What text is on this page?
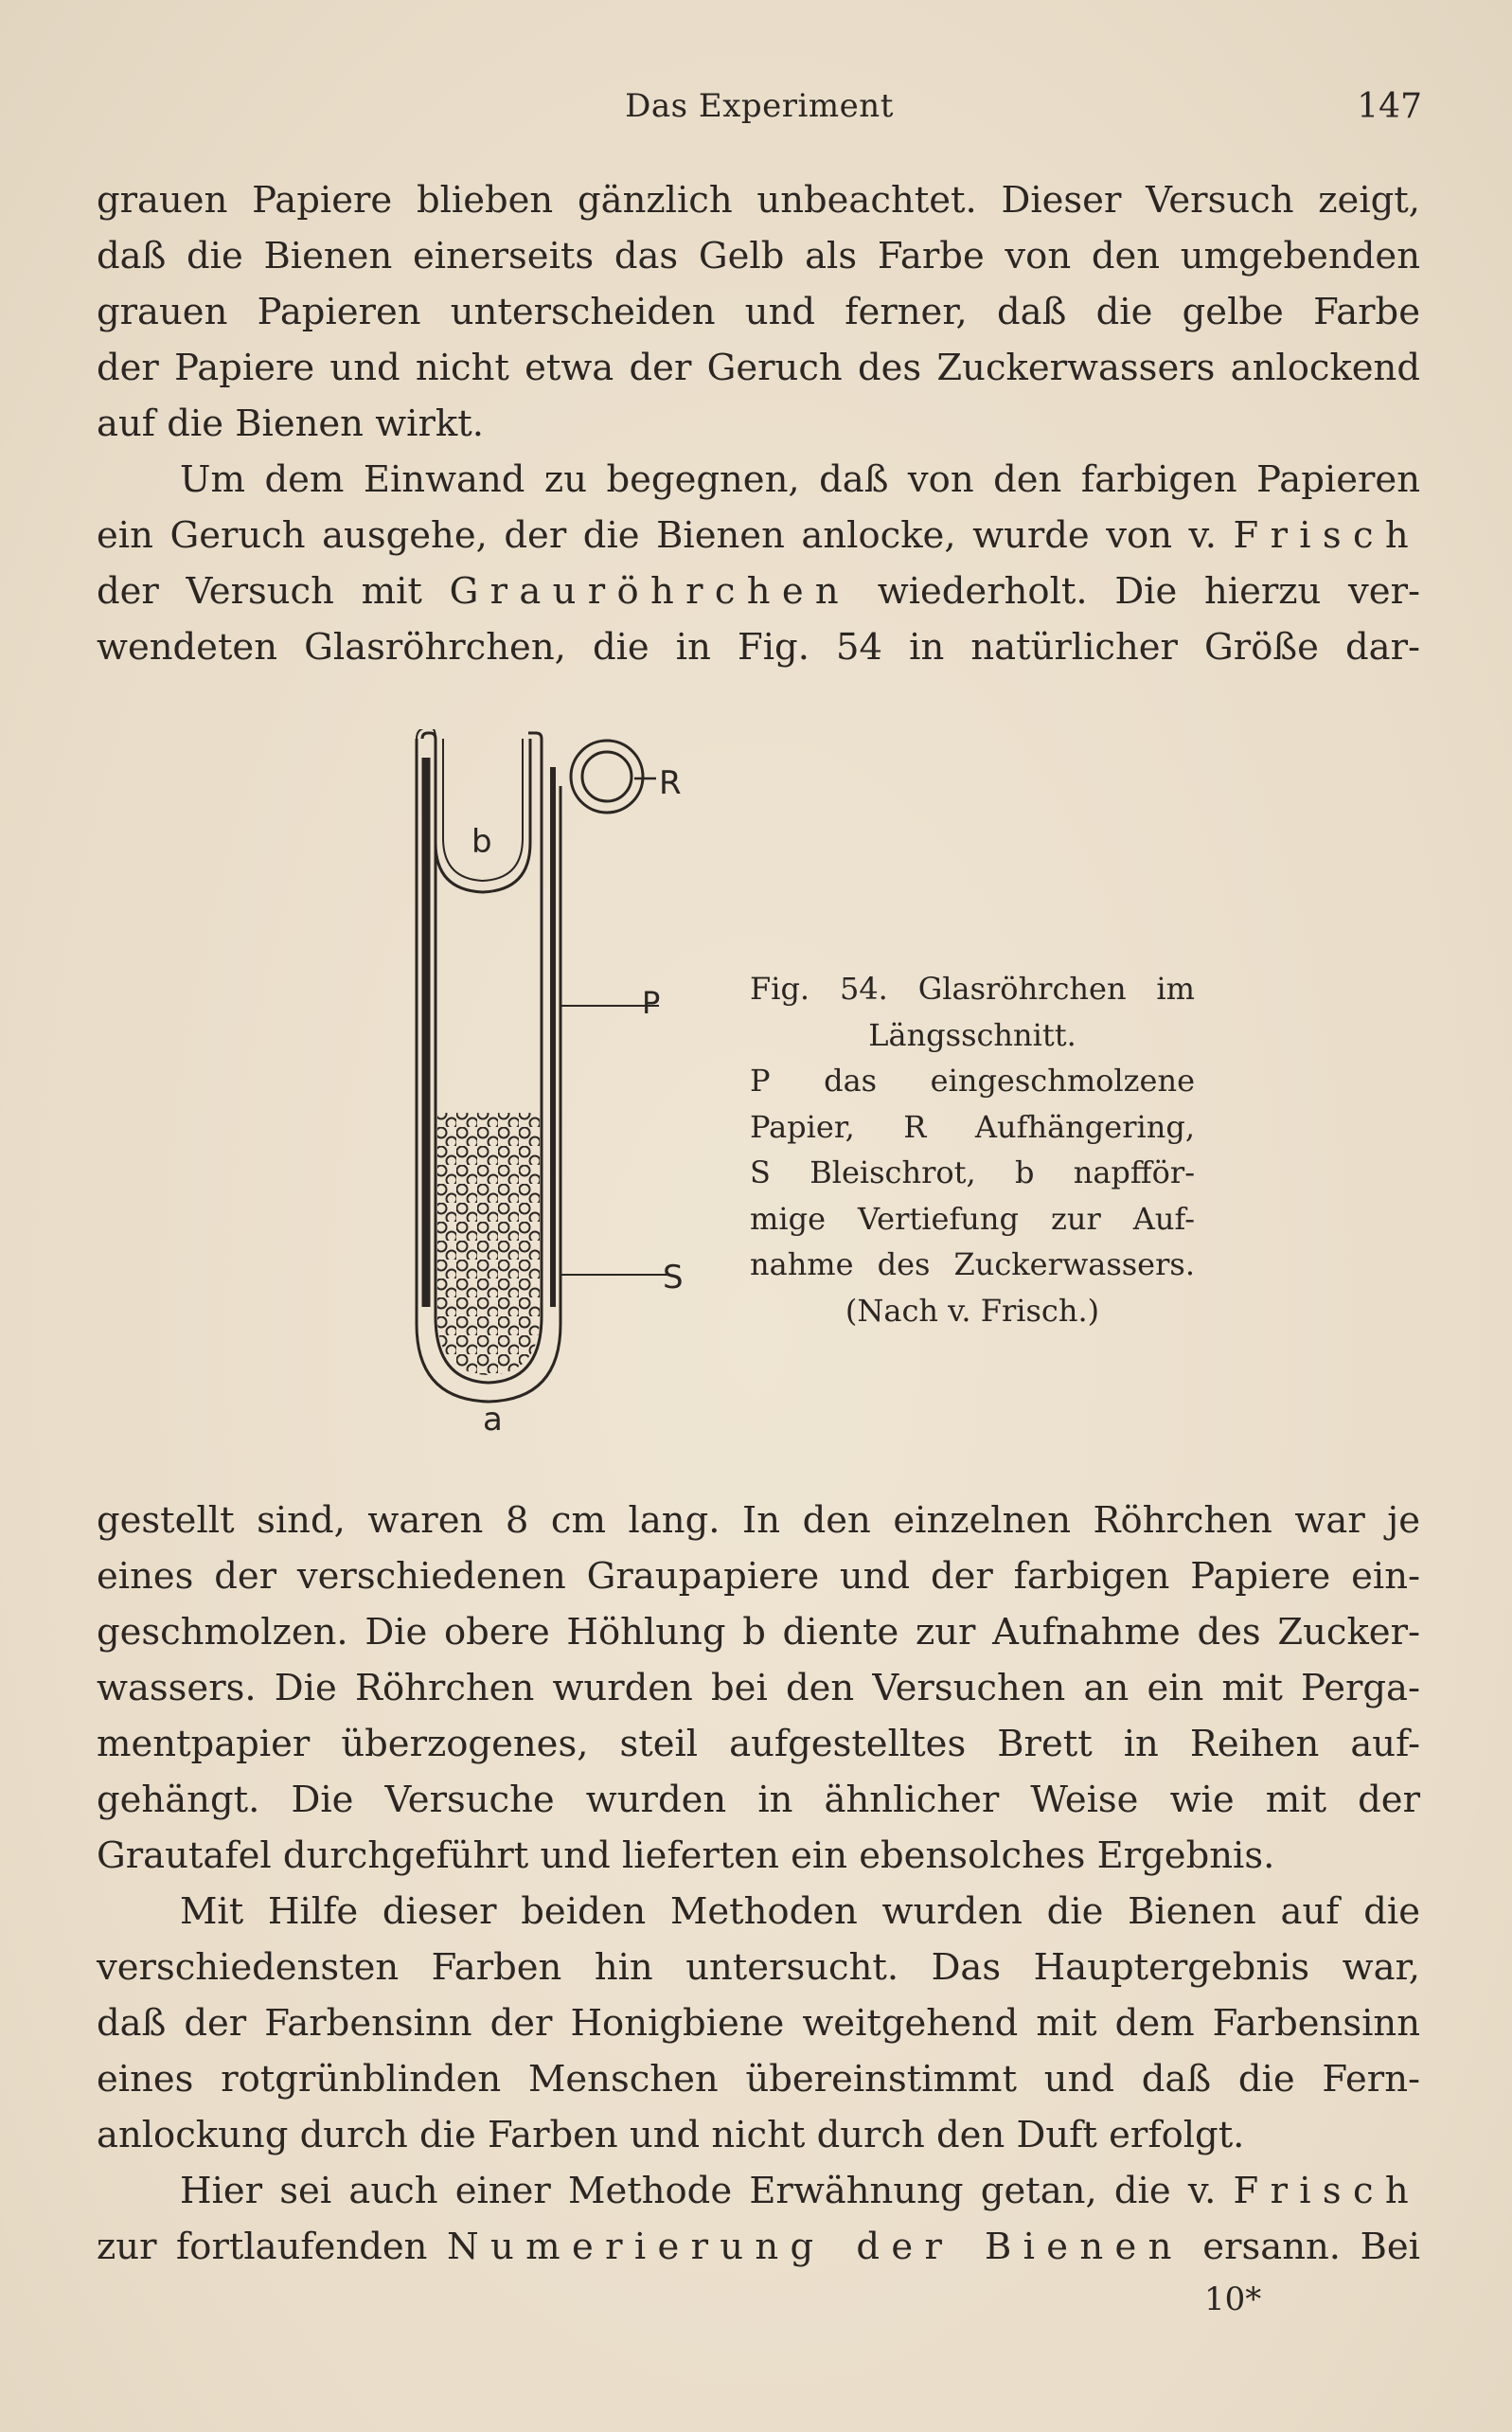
Das Experiment	147
grauen Papiere blieben gänzlich unbeachtet. Dieser Versuch zeigt,
daß die Bienen einerseits das Gelb als Farbe von den umgebenden
grauen Papieren unterscheiden und ferner, daß die gelbe Farbe
der Papiere und nicht etwa der Geruch des Zuckerwassers anlockend
auf die Bienen wirkt.
Um dem Einwand zu begegnen, daß von den farbigen Papieren
ein Geruch ausgehe, der die Bienen anlocke, wurde von v. Frisch
der Versuch mit Grauröhrchen wiederholt. Die hierzu ver-
wendeten Glasröhrchen, die in Fig. 54 in natürlicher Größe dar-
b
R
P
S
a
Fig. 54. Glasröhrchen im
Längsschnitt.
P das eingeschmolzene
Papier, R Aufhängering,
S Bleischrot, b napfför-
mige Vertiefung zur Auf-
nahme des Zuckerwassers.
(Nach v. Frisch.)
gestellt sind, waren 8 cm lang. In den einzelnen Röhrchen war je
eines der verschiedenen Graupapiere und der farbigen Papiere ein-
geschmolzen. Die obere Höhlung b diente zur Aufnahme des Zucker-
wassers. Die Röhrchen wurden bei den Versuchen an ein mit Perga-
mentpapier überzogenes, steil aufgestelltes Brett in Reihen auf-
gehängt. Die Versuche wurden in ähnlicher Weise wie mit der
Grautafel durchgeführt und lieferten ein ebensolches Ergebnis.
Mit Hilfe dieser beiden Methoden wurden die Bienen auf die
verschiedensten Farben hin untersucht. Das Hauptergebnis war,
daß der Farbensinn der Honigbiene weitgehend mit dem Farbensinn
eines rotgrünblinden Menschen übereinstimmt und daß die Fern-
anlockung durch die Farben und nicht durch den Duft erfolgt.
Hier sei auch einer Methode Erwähnung getan, die v. Frisch
zur fortlaufenden Numerierung der Bienen ersann. Bei
10*
